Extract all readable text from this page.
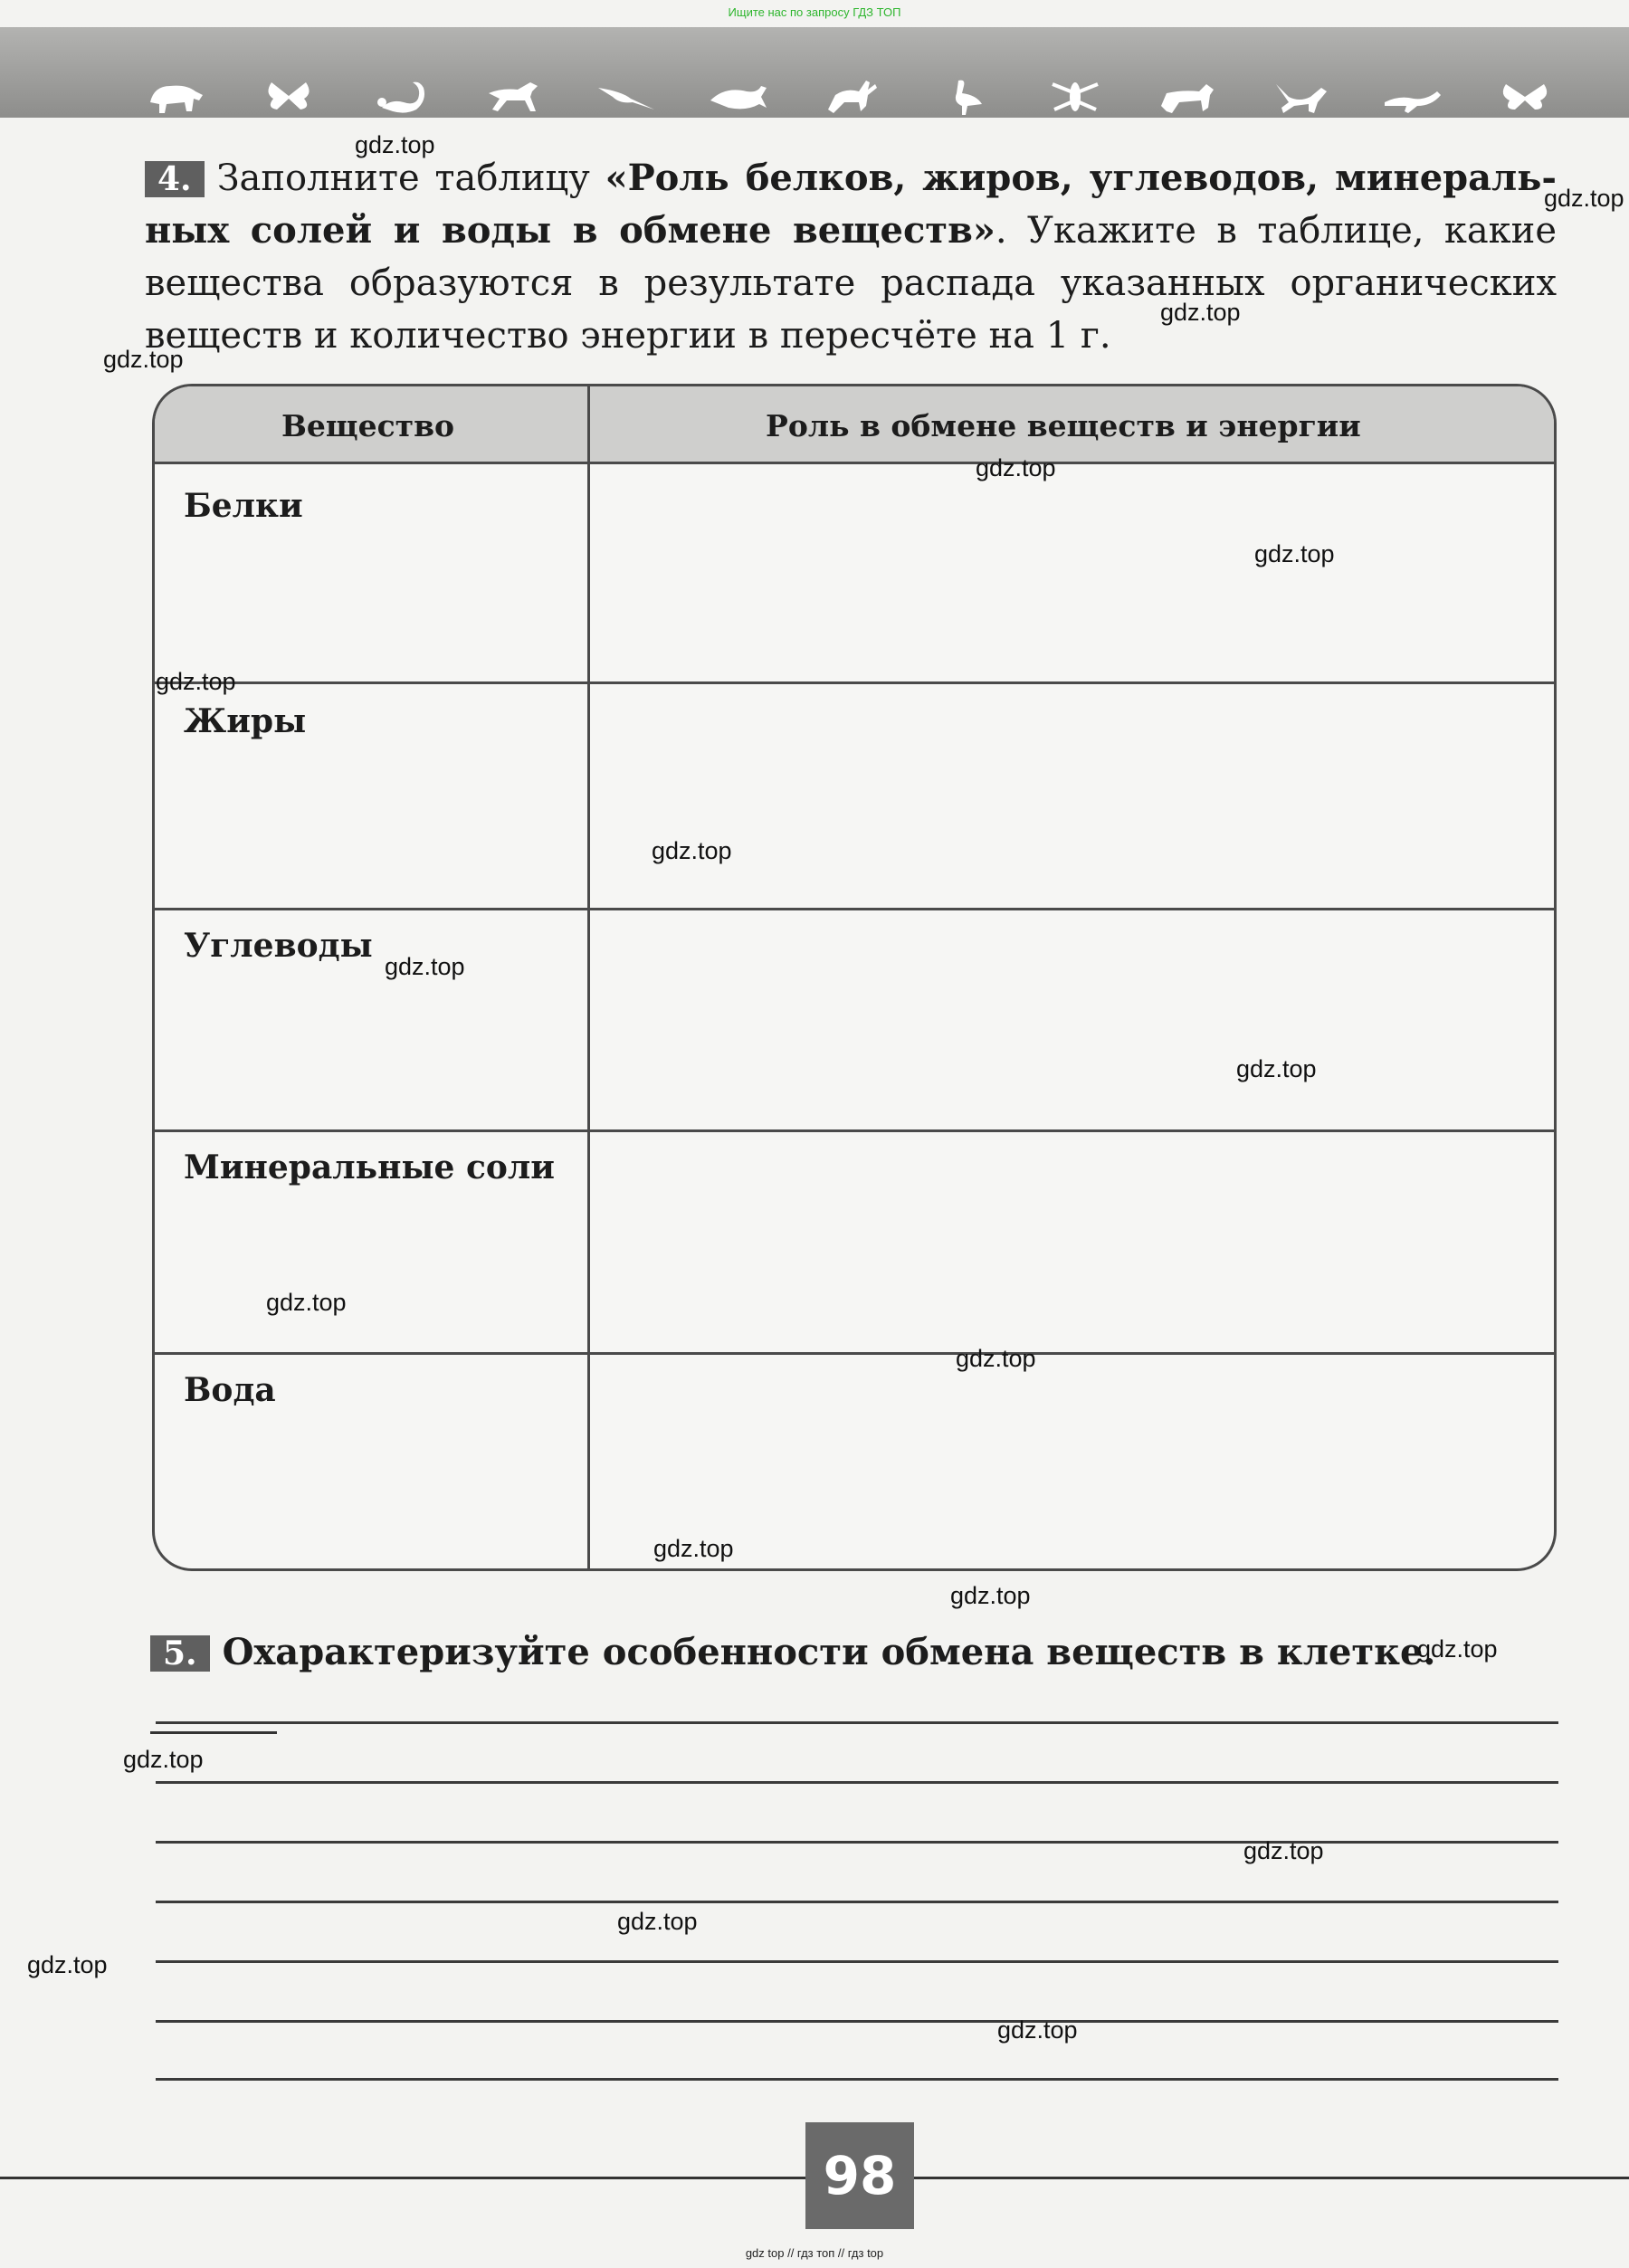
Ищите нас по запросу ГДЗ ТОП
4. Заполните таблицу «Роль белков, жиров, углеводов, минеральных солей и воды в обмене веществ». Укажите в таблице, какие вещества образуются в результате распада указанных органических веществ и количество энергии в пересчёте на 1 г.
Вещество	Роль в обмене веществ и энергии
Белки
Жиры
Углеводы
Минеральные соли
Вода
5. Охарактеризуйте особенности обмена веществ в клетке.
gdz.top
gdz.top
gdz.top
gdz.top
gdz.top
gdz.top
gdz.top
gdz.top
gdz.top
gdz.top
gdz.top
gdz.top
gdz.top
gdz.top
gdz.top
gdz.top
gdz.top
gdz.top
gdz.top
gdz.top
98
gdz top // гдз топ // гдз top
